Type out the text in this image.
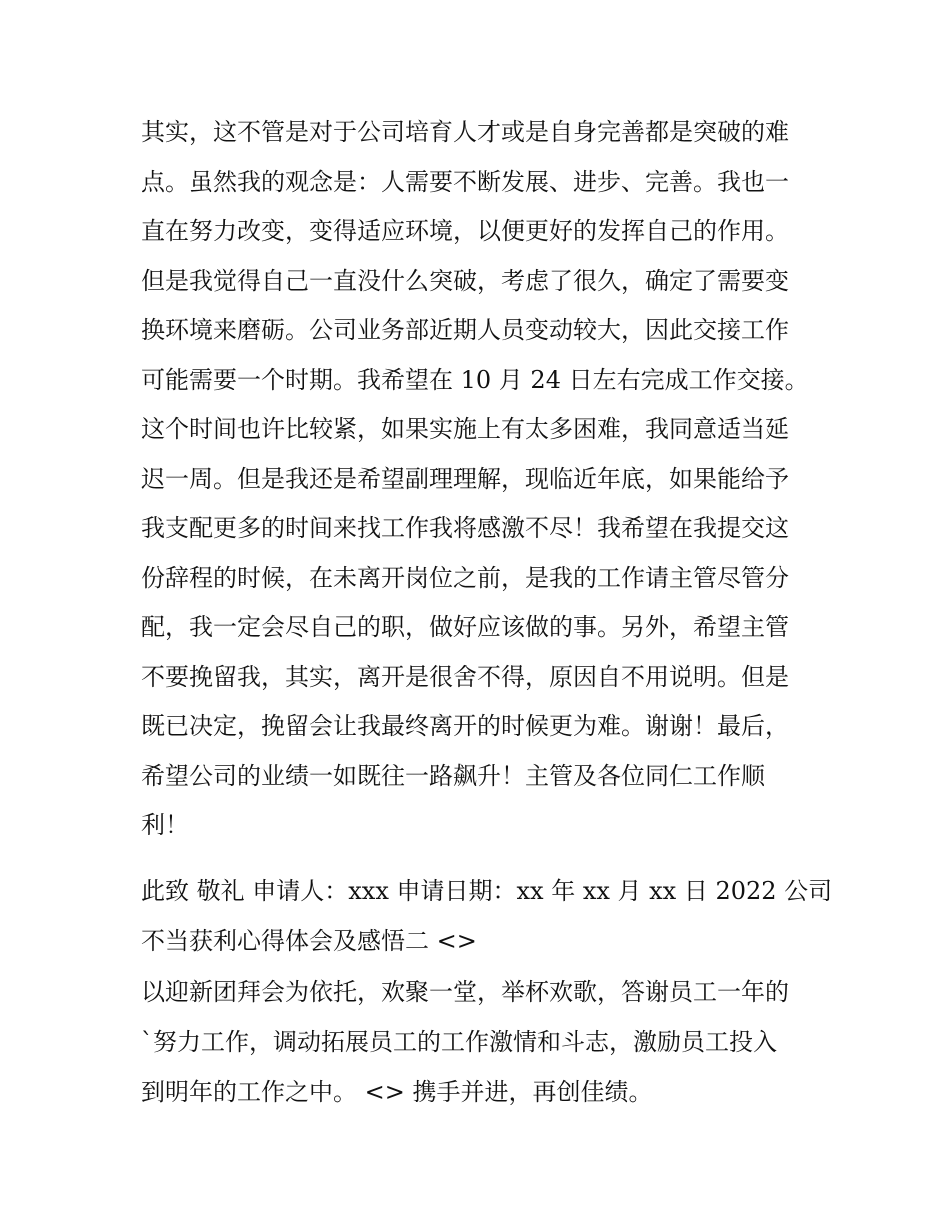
其实，这不管是对于公司培育人才或是自身完善都是突破的难
点。虽然我的观念是：人需要不断发展、进步、完善。我也一
直在努力改变，变得适应环境，以便更好的发挥自己的作用。
但是我觉得自己一直没什么突破，考虑了很久，确定了需要变
换环境来磨砺。公司业务部近期人员变动较大，因此交接工作
可能需要一个时期。我希望在 10 月 24 日左右完成工作交接。
这个时间也许比较紧，如果实施上有太多困难，我同意适当延
迟一周。但是我还是希望副理理解，现临近年底，如果能给予
我支配更多的时间来找工作我将感激不尽！我希望在我提交这
份辞程的时候，在未离开岗位之前，是我的工作请主管尽管分
配，我一定会尽自己的职，做好应该做的事。另外，希望主管
不要挽留我，其实，离开是很舍不得，原因自不用说明。但是
既已决定，挽留会让我最终离开的时候更为难。谢谢！最后，
希望公司的业绩一如既往一路飙升！主管及各位同仁工作顺
利！
此致 敬礼 申请人：xxx 申请日期：xx 年 xx 月 xx 日 2022 公司
不当获利心得体会及感悟二 <>
以迎新团拜会为依托，欢聚一堂，举杯欢歌，答谢员工一年的
`努力工作，调动拓展员工的工作激情和斗志，激励员工投入
到明年的工作之中。 <> 携手并进，再创佳绩。
